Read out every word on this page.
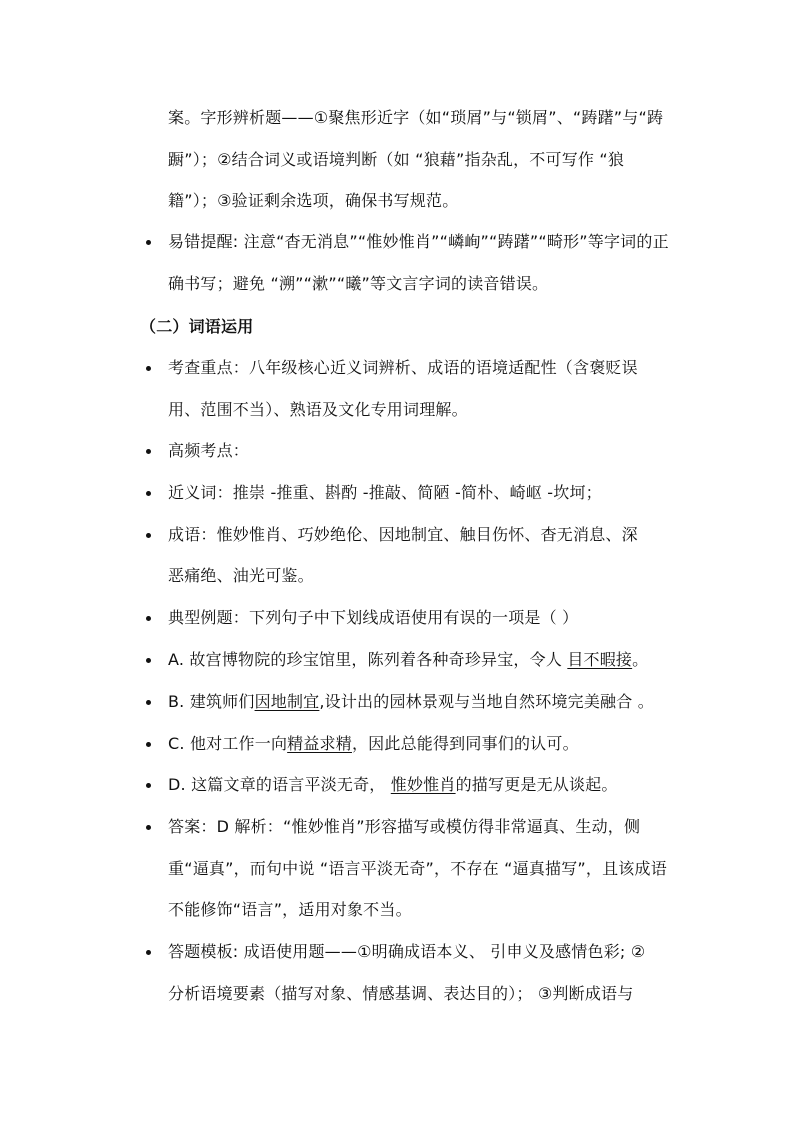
案。字形辨析题——①聚焦形近字（如“琐屑”与“锁屑”、“踌躇”与“踌
蹰”）；②结合词义或语境判断（如 “狼藉”指杂乱，不可写作 “狼
籍”）；③验证剩余选项，确保书写规范。
易错提醒: 注意“杳无消息”“惟妙惟肖”“嶙峋”“踌躇”“畸形”等字词的正
确书写；避免 “溯”“漱”“曦”等文言字词的读音错误。
（二）词语运用
考查重点：八年级核心近义词辨析、成语的语境适配性（含褒贬误
用、范围不当）、熟语及文化专用词理解。
高频考点：
近义词：推崇 -推重、斟酌 -推敲、简陋 -简朴、崎岖 -坎坷；
成语：惟妙惟肖、巧妙绝伦、因地制宜、触目伤怀、杳无消息、深
恶痛绝、油光可鉴。
典型例题：下列句子中下划线成语使用有误的一项是（ ）
A. 故宫博物院的珍宝馆里，陈列着各种奇珍异宝，令人 目不暇接。
B. 建筑师们因地制宜,设计出的园林景观与当地自然环境完美融合 。
C. 他对工作一向精益求精，因此总能得到同事们的认可。
D. 这篇文章的语言平淡无奇， 惟妙惟肖的描写更是无从谈起。
答案：D 解析：“惟妙惟肖”形容描写或模仿得非常逼真、生动，侧
重“逼真”，而句中说 “语言平淡无奇”，不存在 “逼真描写”，且该成语
不能修饰“语言”，适用对象不当。
答题模板: 成语使用题——①明确成语本义、 引申义及感情色彩; ②
分析语境要素（描写对象、情感基调、表达目的）； ③判断成语与
